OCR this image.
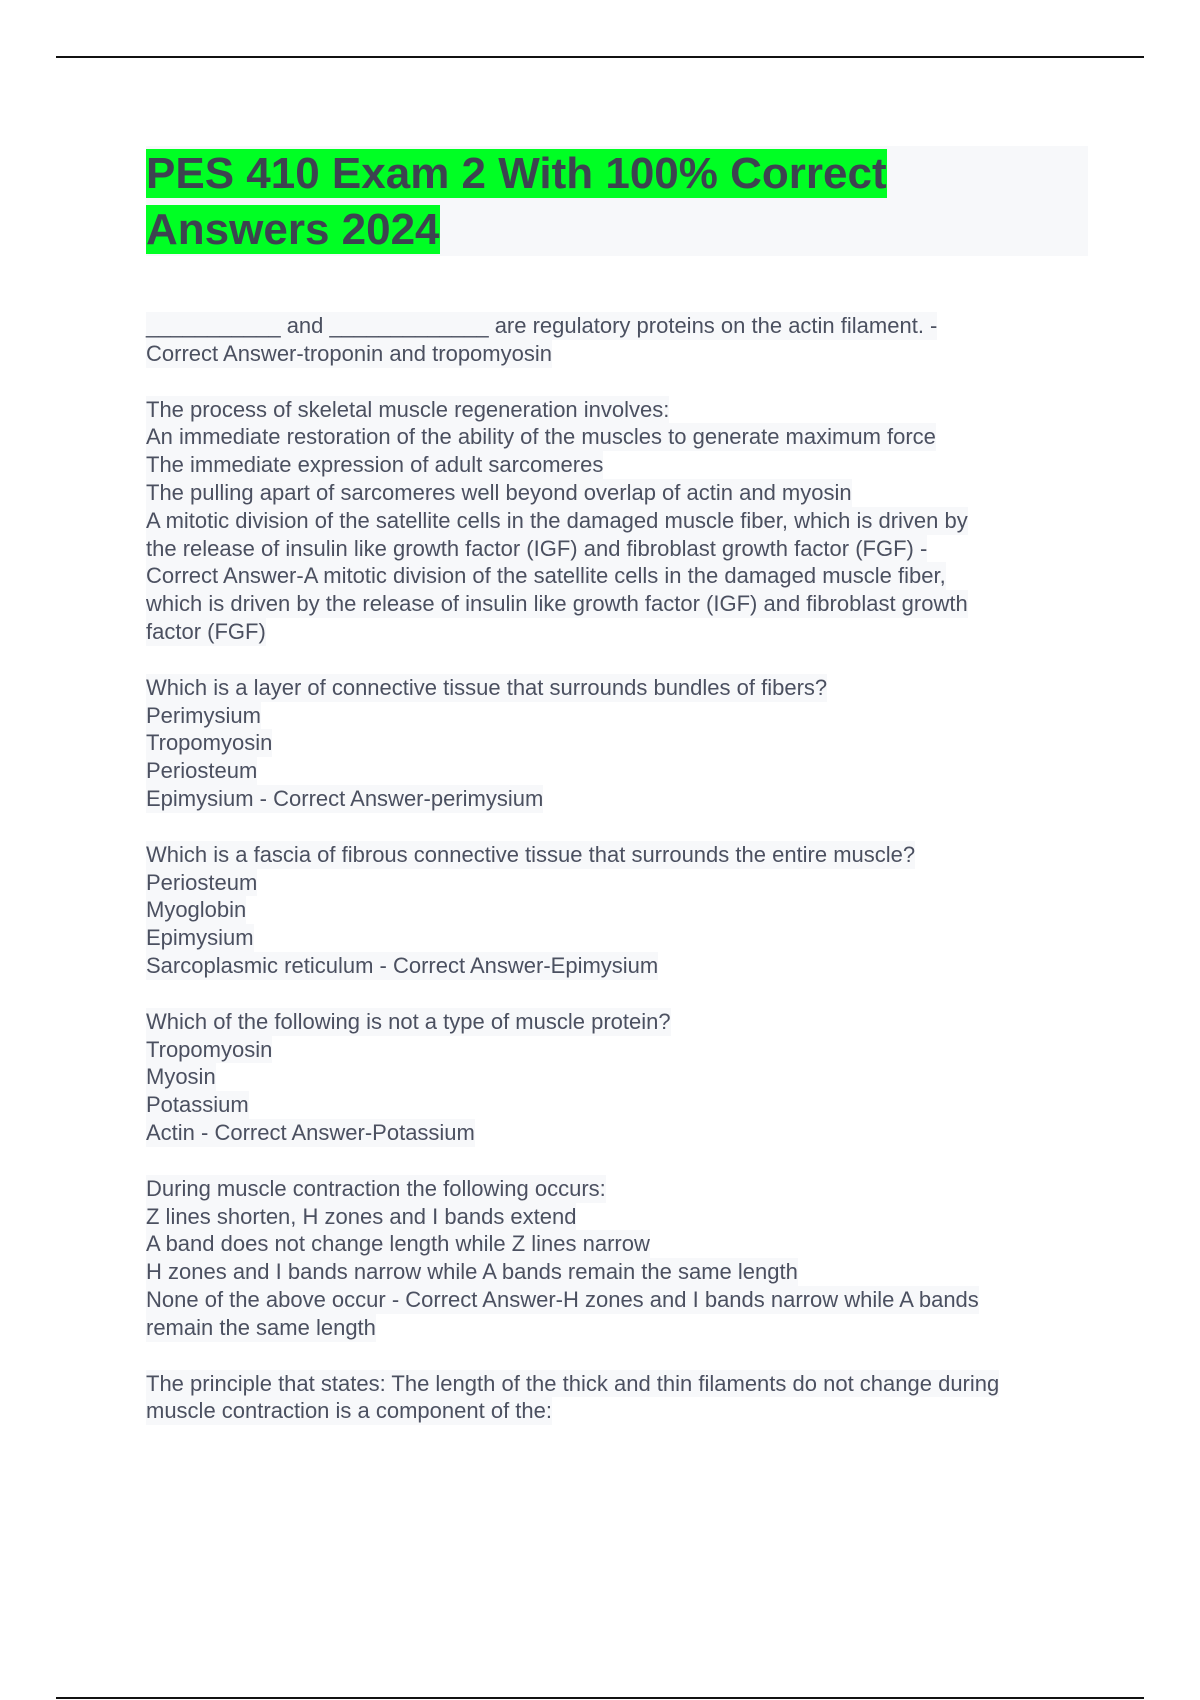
PES 410 Exam 2 With 100% Correct
Answers 2024
___________ and _____________ are regulatory proteins on the actin filament. -
Correct Answer-troponin and tropomyosin
The process of skeletal muscle regeneration involves:
An immediate restoration of the ability of the muscles to generate maximum force
The immediate expression of adult sarcomeres
The pulling apart of sarcomeres well beyond overlap of actin and myosin
A mitotic division of the satellite cells in the damaged muscle fiber, which is driven by
the release of insulin like growth factor (IGF) and fibroblast growth factor (FGF) -
Correct Answer-A mitotic division of the satellite cells in the damaged muscle fiber,
which is driven by the release of insulin like growth factor (IGF) and fibroblast growth
factor (FGF)
Which is a layer of connective tissue that surrounds bundles of fibers?
Perimysium
Tropomyosin
Periosteum
Epimysium - Correct Answer-perimysium
Which is a fascia of fibrous connective tissue that surrounds the entire muscle?
Periosteum
Myoglobin
Epimysium
Sarcoplasmic reticulum - Correct Answer-Epimysium
Which of the following is not a type of muscle protein?
Tropomyosin
Myosin
Potassium
Actin - Correct Answer-Potassium
During muscle contraction the following occurs:
Z lines shorten, H zones and I bands extend
A band does not change length while Z lines narrow
H zones and I bands narrow while A bands remain the same length
None of the above occur - Correct Answer-H zones and I bands narrow while A bands
remain the same length
The principle that states: The length of the thick and thin filaments do not change during
muscle contraction is a component of the:
